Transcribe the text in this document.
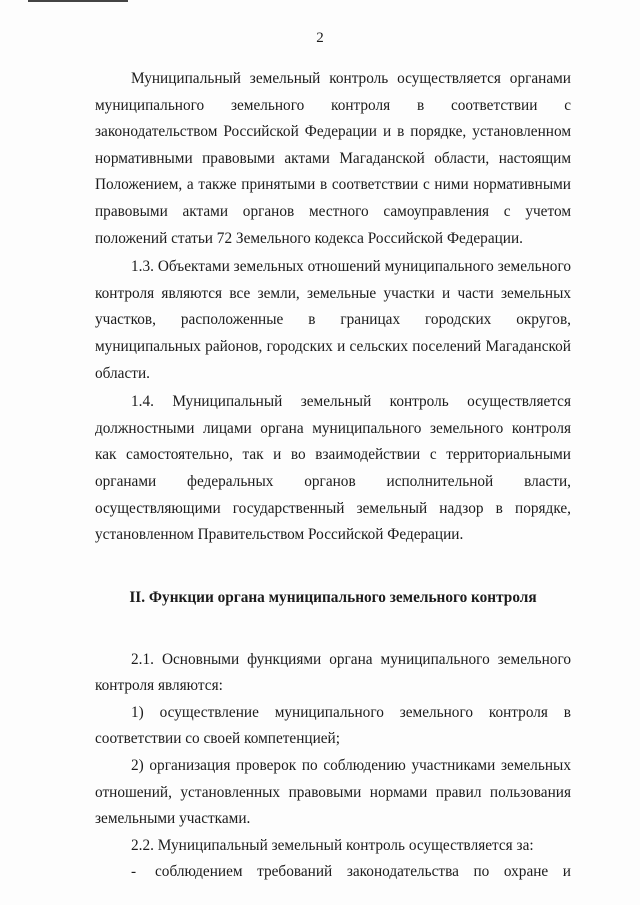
2

Муниципальный земельный контроль осуществляется органами муниципального земельного контроля в соответствии с законодательством Российской Федерации и в порядке, установленном нормативными правовыми актами Магаданской области, настоящим Положением, а также принятыми в соответствии с ними нормативными правовыми актами органов местного самоуправления с учетом положений статьи 72 Земельного кодекса Российской Федерации.

1.3. Объектами земельных отношений муниципального земельного контроля являются все земли, земельные участки и части земельных участков, расположенные в границах городских округов, муниципальных районов, городских и сельских поселений Магаданской области.

1.4. Муниципальный земельный контроль осуществляется должностными лицами органа муниципального земельного контроля как самостоятельно, так и во взаимодействии с территориальными органами федеральных органов исполнительной власти, осуществляющими государственный земельный надзор в порядке, установленном Правительством Российской Федерации.

II. Функции органа муниципального земельного контроля

2.1. Основными функциями органа муниципального земельного контроля являются:

1) осуществление муниципального земельного контроля в соответствии со своей компетенцией;

2) организация проверок по соблюдению участниками земельных отношений, установленных правовыми нормами правил пользования земельными участками.

2.2. Муниципальный земельный контроль осуществляется за:

-	соблюдением требований законодательства по охране и
